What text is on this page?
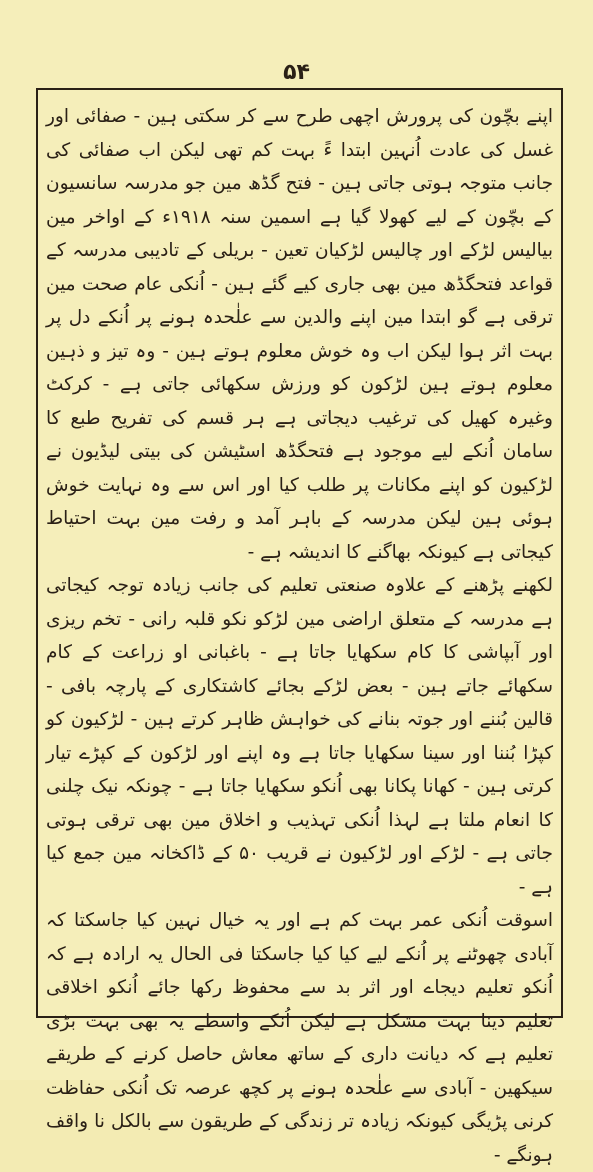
۵۴

اپنے بچّون کی پرورش اچھی طرح سے کر سکتی ہین - صفائی اور غسل کی عادت اُنہین ابتدا ءً بہت کم تھی لیکن اب صفائی کی جانب متوجہ ہوتی جاتی ہین - فتح گڈھ مین جو مدرسہ سانسیون کے بچّون کے لیے کھولا گیا ہے اسمین سنہ ۱۹۱۸ء کے اواخر مین بیالیس لڑکے اور چالیس لڑکیان تعین - بریلی کے تادیبی مدرسہ کے قواعد فتحگڈھ مین بھی جاری کیے گئے ہین - اُنکی عام صحت مین ترقی ہے گو ابتدا مین اپنے والدین سے علٰحدہ ہونے پر اُنکے دل پر بہت اثر ہوا لیکن اب وہ خوش معلوم ہوتے ہین - وہ تیز و ذہین معلوم ہوتے ہین لڑکون کو ورزش سکھائی جاتی ہے - کرکٹ وغیرہ کھیل کی ترغیب دیجاتی ہے ہر قسم کی تفریح طبع کا سامان اُنکے لیے موجود ہے فتحگڈھ اسٹیشن کی بیتی لیڈیون نے لڑکیون کو اپنے مکانات پر طلب کیا اور اس سے وہ نہایت خوش ہوئی ہین لیکن مدرسہ کے باہر آمد و رفت مین بہت احتیاط کیجاتی ہے کیونکہ بھاگنے کا اندیشہ ہے -

لکھنے پڑھنے کے علاوہ صنعتی تعلیم کی جانب زیادہ توجہ کیجاتی ہے مدرسہ کے متعلق اراضی مین لڑکو نکو قلبہ رانی - تخم ریزی اور آبپاشی کا کام سکھایا جاتا ہے - باغبانی او زراعت کے کام سکھائے جاتے ہین - بعض لڑکے بجائے کاشتکاری کے پارچہ بافی - قالین بُننے اور جوتہ بنانے کی خواہش ظاہر کرتے ہین - لڑکیون کو کپڑا بُننا اور سینا سکھایا جاتا ہے وہ اپنے اور لڑکون کے کپڑے تیار کرتی ہین - کھانا پکانا بھی اُنکو سکھایا جاتا ہے - چونکہ نیک چلنی کا انعام ملتا ہے لہذا اُنکی تہذیب و اخلاق مین بھی ترقی ہوتی جاتی ہے - لڑکے اور لڑکیون نے قریب ۵۰ کے ڈاکخانہ مین جمع کیا ہے -

اسوقت اُنکی عمر بہت کم ہے اور یہ خیال نہین کیا جاسکتا کہ آبادی چھوٹنے پر اُنکے لیے کیا کیا جاسکتا فی الحال یہ ارادہ ہے کہ اُنکو تعلیم دیجاے اور اثر بد سے محفوظ رکھا جائے اُنکو اخلاقی تعلیم دینا بہت مشکل ہے لیکن اُنکے واسطے یہ بھی بہت بڑی تعلیم ہے کہ دیانت داری کے ساتھ معاش حاصل کرنے کے طریقے سیکھین - آبادی سے علٰحدہ ہونے پر کچھ عرصہ تک اُنکی حفاظت کرنی پڑیگی کیونکہ زیادہ تر زندگی کے طریقون سے بالکل نا واقف ہونگے -
